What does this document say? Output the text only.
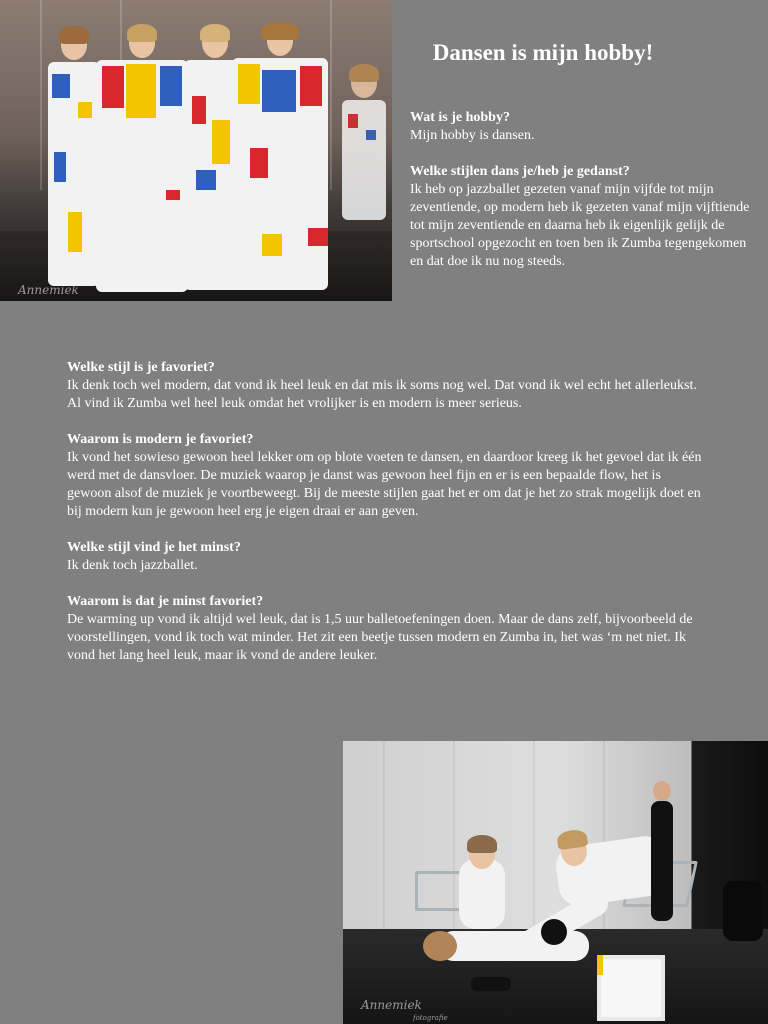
Annemiek
Dansen is mijn hobby!

Wat is je hobby?
Mijn hobby is dansen.

Welke stijlen dans je/heb je gedanst?
Ik heb op jazzballet gezeten vanaf mijn vijfde tot mijn zeventiende, op modern heb ik gezeten vanaf mijn vijftiende tot mijn zeventiende en daarna heb ik eigenlijk gelijk de sportschool opgezocht en toen ben ik Zumba tegengekomen en dat doe ik nu nog steeds.

Welke stijl is je favoriet?
Ik denk toch wel modern, dat vond ik heel leuk en dat mis ik soms nog wel. Dat vond ik wel echt het allerleukst. Al vind ik Zumba wel heel leuk omdat het vrolijker is en modern is meer serieus.

Waarom is modern je favoriet?
Ik vond het sowieso gewoon heel lekker om op blote voeten te dansen, en daardoor kreeg ik het gevoel dat ik één werd met de dansvloer. De muziek waarop je danst was gewoon heel fijn en er is een bepaalde flow, het is gewoon alsof de muziek je voortbeweegt. Bij de meeste stijlen gaat het er om dat je het zo strak mogelijk doet en bij modern kun je gewoon heel erg je eigen draai er aan geven.

Welke stijl vind je het minst?
Ik denk toch jazzballet.

Waarom is dat je minst favoriet?
De warming up vond ik altijd wel leuk, dat is 1,5 uur balletoefeningen doen. Maar de dans zelf, bijvoorbeeld de voorstellingen, vond ik toch wat minder. Het zit een beetje tussen modern en Zumba in, het was ‘m net niet. Ik vond het lang heel leuk, maar ik vond de andere leuker.

Annemiek
fotografie
